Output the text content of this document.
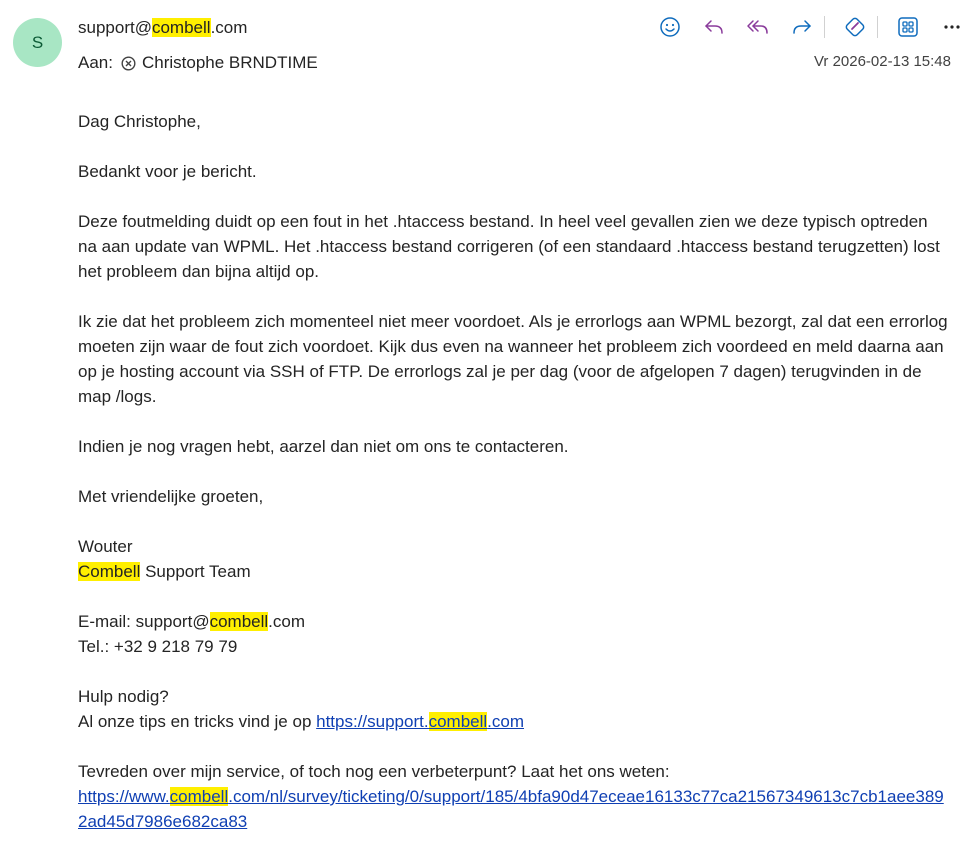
S
support@combell.com
Aan: Christophe BRNDTIME	Vr 2026-02-13 15:48

Dag Christophe,

Bedankt voor je bericht.

Deze foutmelding duidt op een fout in het .htaccess bestand. In heel veel gevallen zien we deze typisch optreden na aan update van WPML. Het .htaccess bestand corrigeren (of een standaard .htaccess bestand terugzetten) lost het probleem dan bijna altijd op.

Ik zie dat het probleem zich momenteel niet meer voordoet. Als je errorlogs aan WPML bezorgt, zal dat een errorlog moeten zijn waar de fout zich voordoet. Kijk dus even na wanneer het probleem zich voordeed en meld daarna aan op je hosting account via SSH of FTP. De errorlogs zal je per dag (voor de afgelopen 7 dagen) terugvinden in de map /logs.

Indien je nog vragen hebt, aarzel dan niet om ons te contacteren.

Met vriendelijke groeten,

Wouter

Combell Support Team

E-mail: support@combell.com

Tel.: +32 9 218 79 79

Hulp nodig?

Al onze tips en tricks vind je op https://support.combell.com

Tevreden over mijn service, of toch nog een verbeterpunt? Laat het ons weten:

https://www.combell.com/nl/survey/ticketing/0/support/185/4bfa90d47eceae16133c77ca21567349613c7cb1aee3892ad45d7986e682ca83
